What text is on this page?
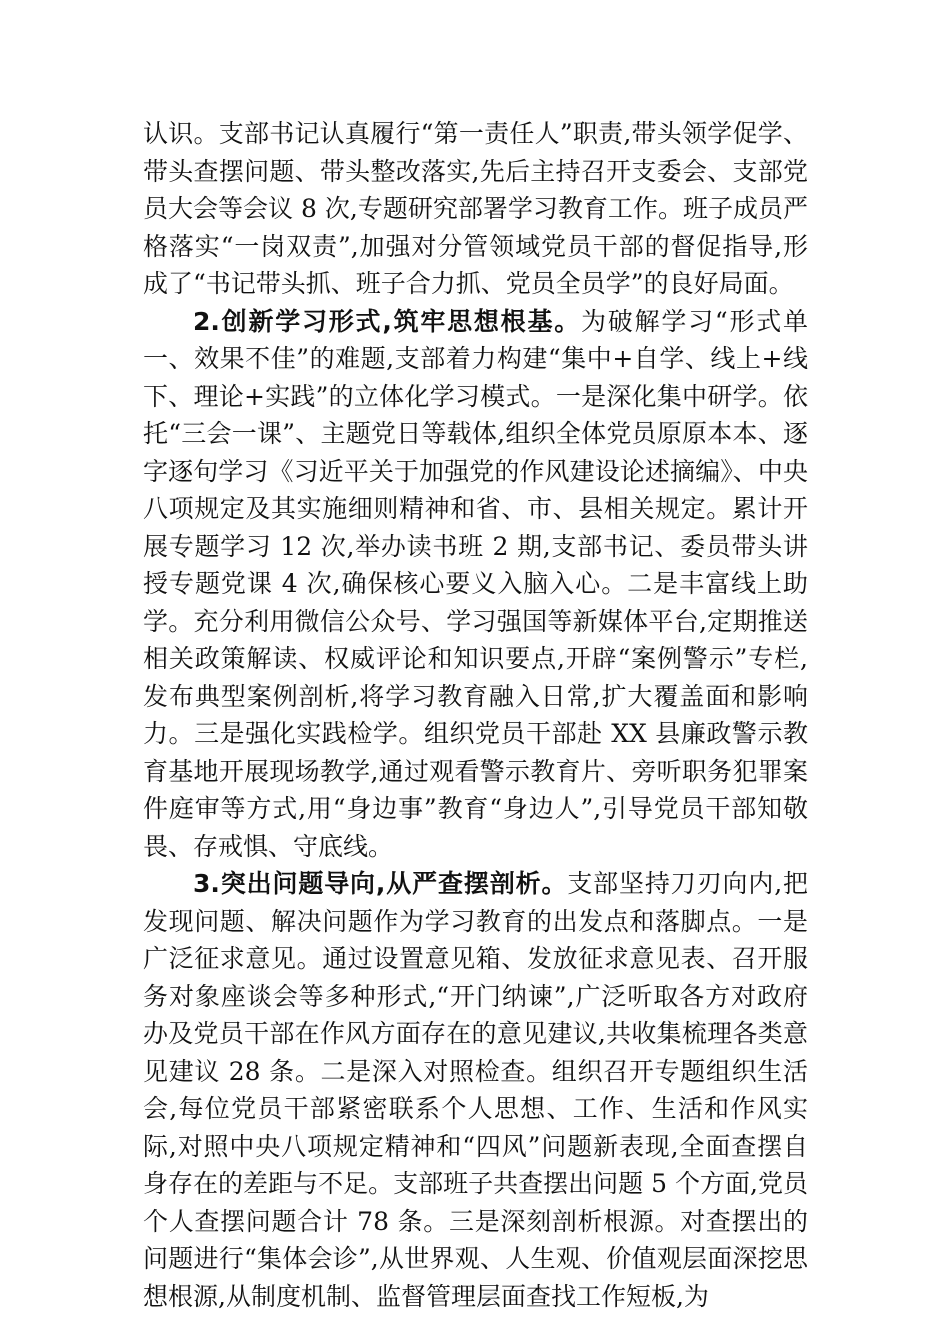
认识。支部书记认真履行“第一责任人”职责,带头领学促学、带头查摆问题、带头整改落实,先后主持召开支委会、支部党员大会等会议 8 次,专题研究部署学习教育工作。班子成员严格落实“一岗双责”,加强对分管领域党员干部的督促指导,形成了“书记带头抓、班子合力抓、党员全员学”的良好局面。

2.创新学习形式,筑牢思想根基。为破解学习“形式单一、效果不佳”的难题,支部着力构建“集中+自学、线上+线下、理论+实践”的立体化学习模式。一是深化集中研学。依托“三会一课”、主题党日等载体,组织全体党员原原本本、逐字逐句学习《习近平关于加强党的作风建设论述摘编》、中央八项规定及其实施细则精神和省、市、县相关规定。累计开展专题学习 12 次,举办读书班 2 期,支部书记、委员带头讲授专题党课 4 次,确保核心要义入脑入心。二是丰富线上助学。充分利用微信公众号、学习强国等新媒体平台,定期推送相关政策解读、权威评论和知识要点,开辟“案例警示”专栏,发布典型案例剖析,将学习教育融入日常,扩大覆盖面和影响力。三是强化实践检学。组织党员干部赴 XX 县廉政警示教育基地开展现场教学,通过观看警示教育片、旁听职务犯罪案件庭审等方式,用“身边事”教育“身边人”,引导党员干部知敬畏、存戒惧、守底线。

3.突出问题导向,从严查摆剖析。支部坚持刀刃向内,把发现问题、解决问题作为学习教育的出发点和落脚点。一是广泛征求意见。通过设置意见箱、发放征求意见表、召开服务对象座谈会等多种形式,“开门纳谏”,广泛听取各方对政府办及党员干部在作风方面存在的意见建议,共收集梳理各类意见建议 28 条。二是深入对照检查。组织召开专题组织生活会,每位党员干部紧密联系个人思想、工作、生活和作风实际,对照中央八项规定精神和“四风”问题新表现,全面查摆自身存在的差距与不足。支部班子共查摆出问题 5 个方面,党员个人查摆问题合计 78 条。三是深刻剖析根源。对查摆出的问题进行“集体会诊”,从世界观、人生观、价值观层面深挖思想根源,从制度机制、监督管理层面查找工作短板,为
